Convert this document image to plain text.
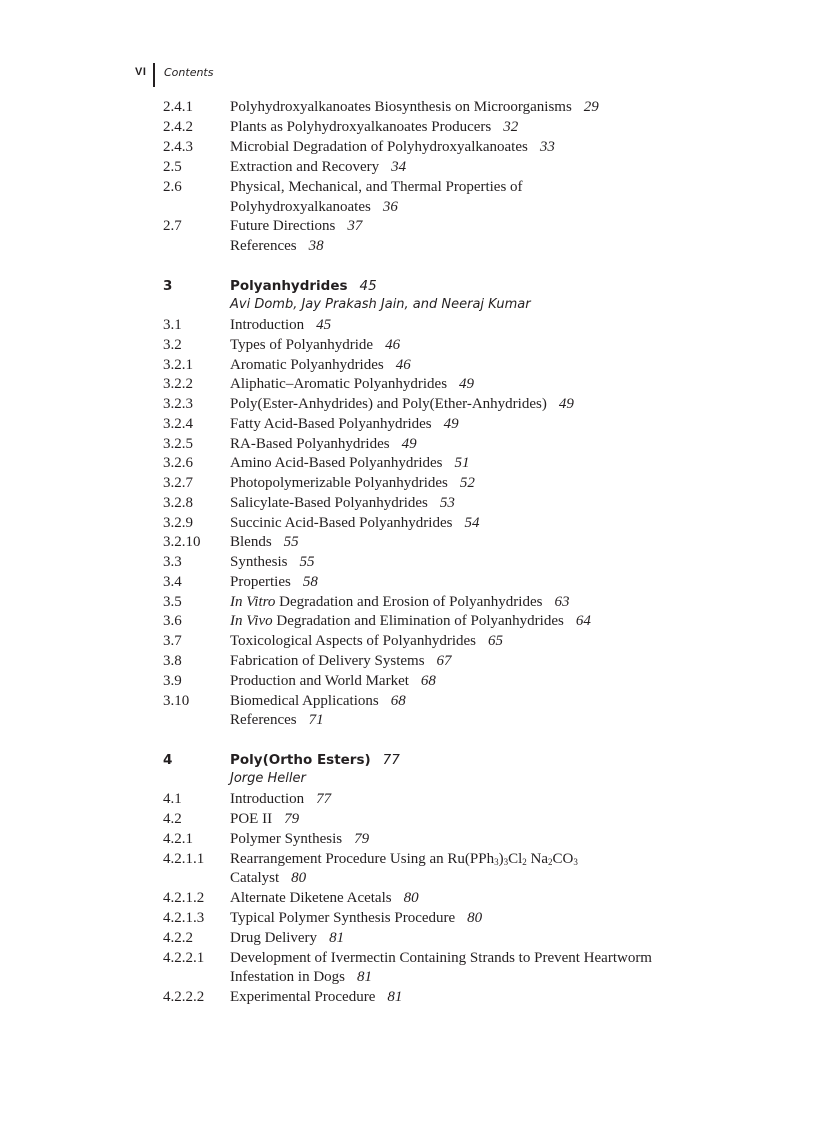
VI Contents
2.4.1 Polyhydroxyalkanoates Biosynthesis on Microorganisms 29
2.4.2 Plants as Polyhydroxyalkanoates Producers 32
2.4.3 Microbial Degradation of Polyhydroxyalkanoates 33
2.5	Extraction and Recovery 34
2.6	Physical, Mechanical, and Thermal Properties of
Polyhydroxyalkanoates 36
2.7	Future Directions 37
References 38
3	Polyanhydrides 45
Avi Domb, Jay Prakash Jain, and Neeraj Kumar
3.1	Introduction 45
3.2	Types of Polyanhydride 46
3.2.1 Aromatic Polyanhydrides 46
3.2.2 Aliphatic–Aromatic Polyanhydrides 49
3.2.3 Poly(Ester-Anhydrides) and Poly(Ether-Anhydrides) 49
3.2.4 Fatty Acid-Based Polyanhydrides 49
3.2.5 RA-Based Polyanhydrides 49
3.2.6 Amino Acid-Based Polyanhydrides 51
3.2.7 Photopolymerizable Polyanhydrides 52
3.2.8 Salicylate-Based Polyanhydrides 53
3.2.9 Succinic Acid-Based Polyanhydrides 54
3.2.10 Blends 55
3.3	Synthesis 55
3.4	Properties 58
3.5	In Vitro Degradation and Erosion of Polyanhydrides 63
3.6	In Vivo Degradation and Elimination of Polyanhydrides 64
3.7	Toxicological Aspects of Polyanhydrides 65
3.8	Fabrication of Delivery Systems 67
3.9	Production and World Market 68
3.10	Biomedical Applications 68
References 71
4	Poly(Ortho Esters) 77
Jorge Heller
4.1	Introduction 77
4.2	POE II 79
4.2.1 Polymer Synthesis 79
4.2.1.1 Rearrangement Procedure Using an $Ru(PPh_3)_3Cl_2$ $Na_2CO_3$
Catalyst 80
4.2.1.2 Alternate Diketene Acetals 80
4.2.1.3 Typical Polymer Synthesis Procedure 80
4.2.2 Drug Delivery 81
4.2.2.1 Development of Ivermectin Containing Strands to Prevent Heartworm
Infestation in Dogs 81
4.2.2.2 Experimental Procedure 81
